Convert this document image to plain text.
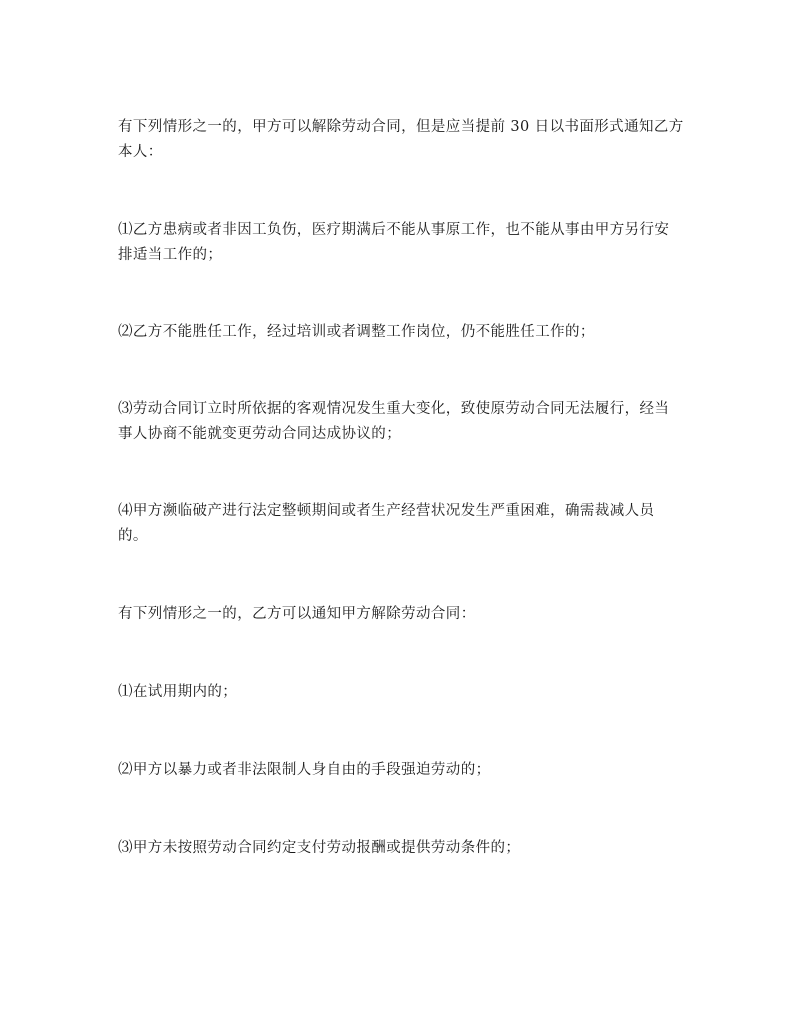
有下列情形之一的，甲方可以解除劳动合同，但是应当提前 30 日以书面形式通知乙方本人：

⑴乙方患病或者非因工负伤，医疗期满后不能从事原工作，也不能从事由甲方另行安排适当工作的；

⑵乙方不能胜任工作，经过培训或者调整工作岗位，仍不能胜任工作的；

⑶劳动合同订立时所依据的客观情况发生重大变化，致使原劳动合同无法履行，经当事人协商不能就变更劳动合同达成协议的；

⑷甲方濒临破产进行法定整顿期间或者生产经营状况发生严重困难，确需裁减人员的。

有下列情形之一的，乙方可以通知甲方解除劳动合同：

⑴在试用期内的；

⑵甲方以暴力或者非法限制人身自由的手段强迫劳动的；

⑶甲方未按照劳动合同约定支付劳动报酬或提供劳动条件的；
